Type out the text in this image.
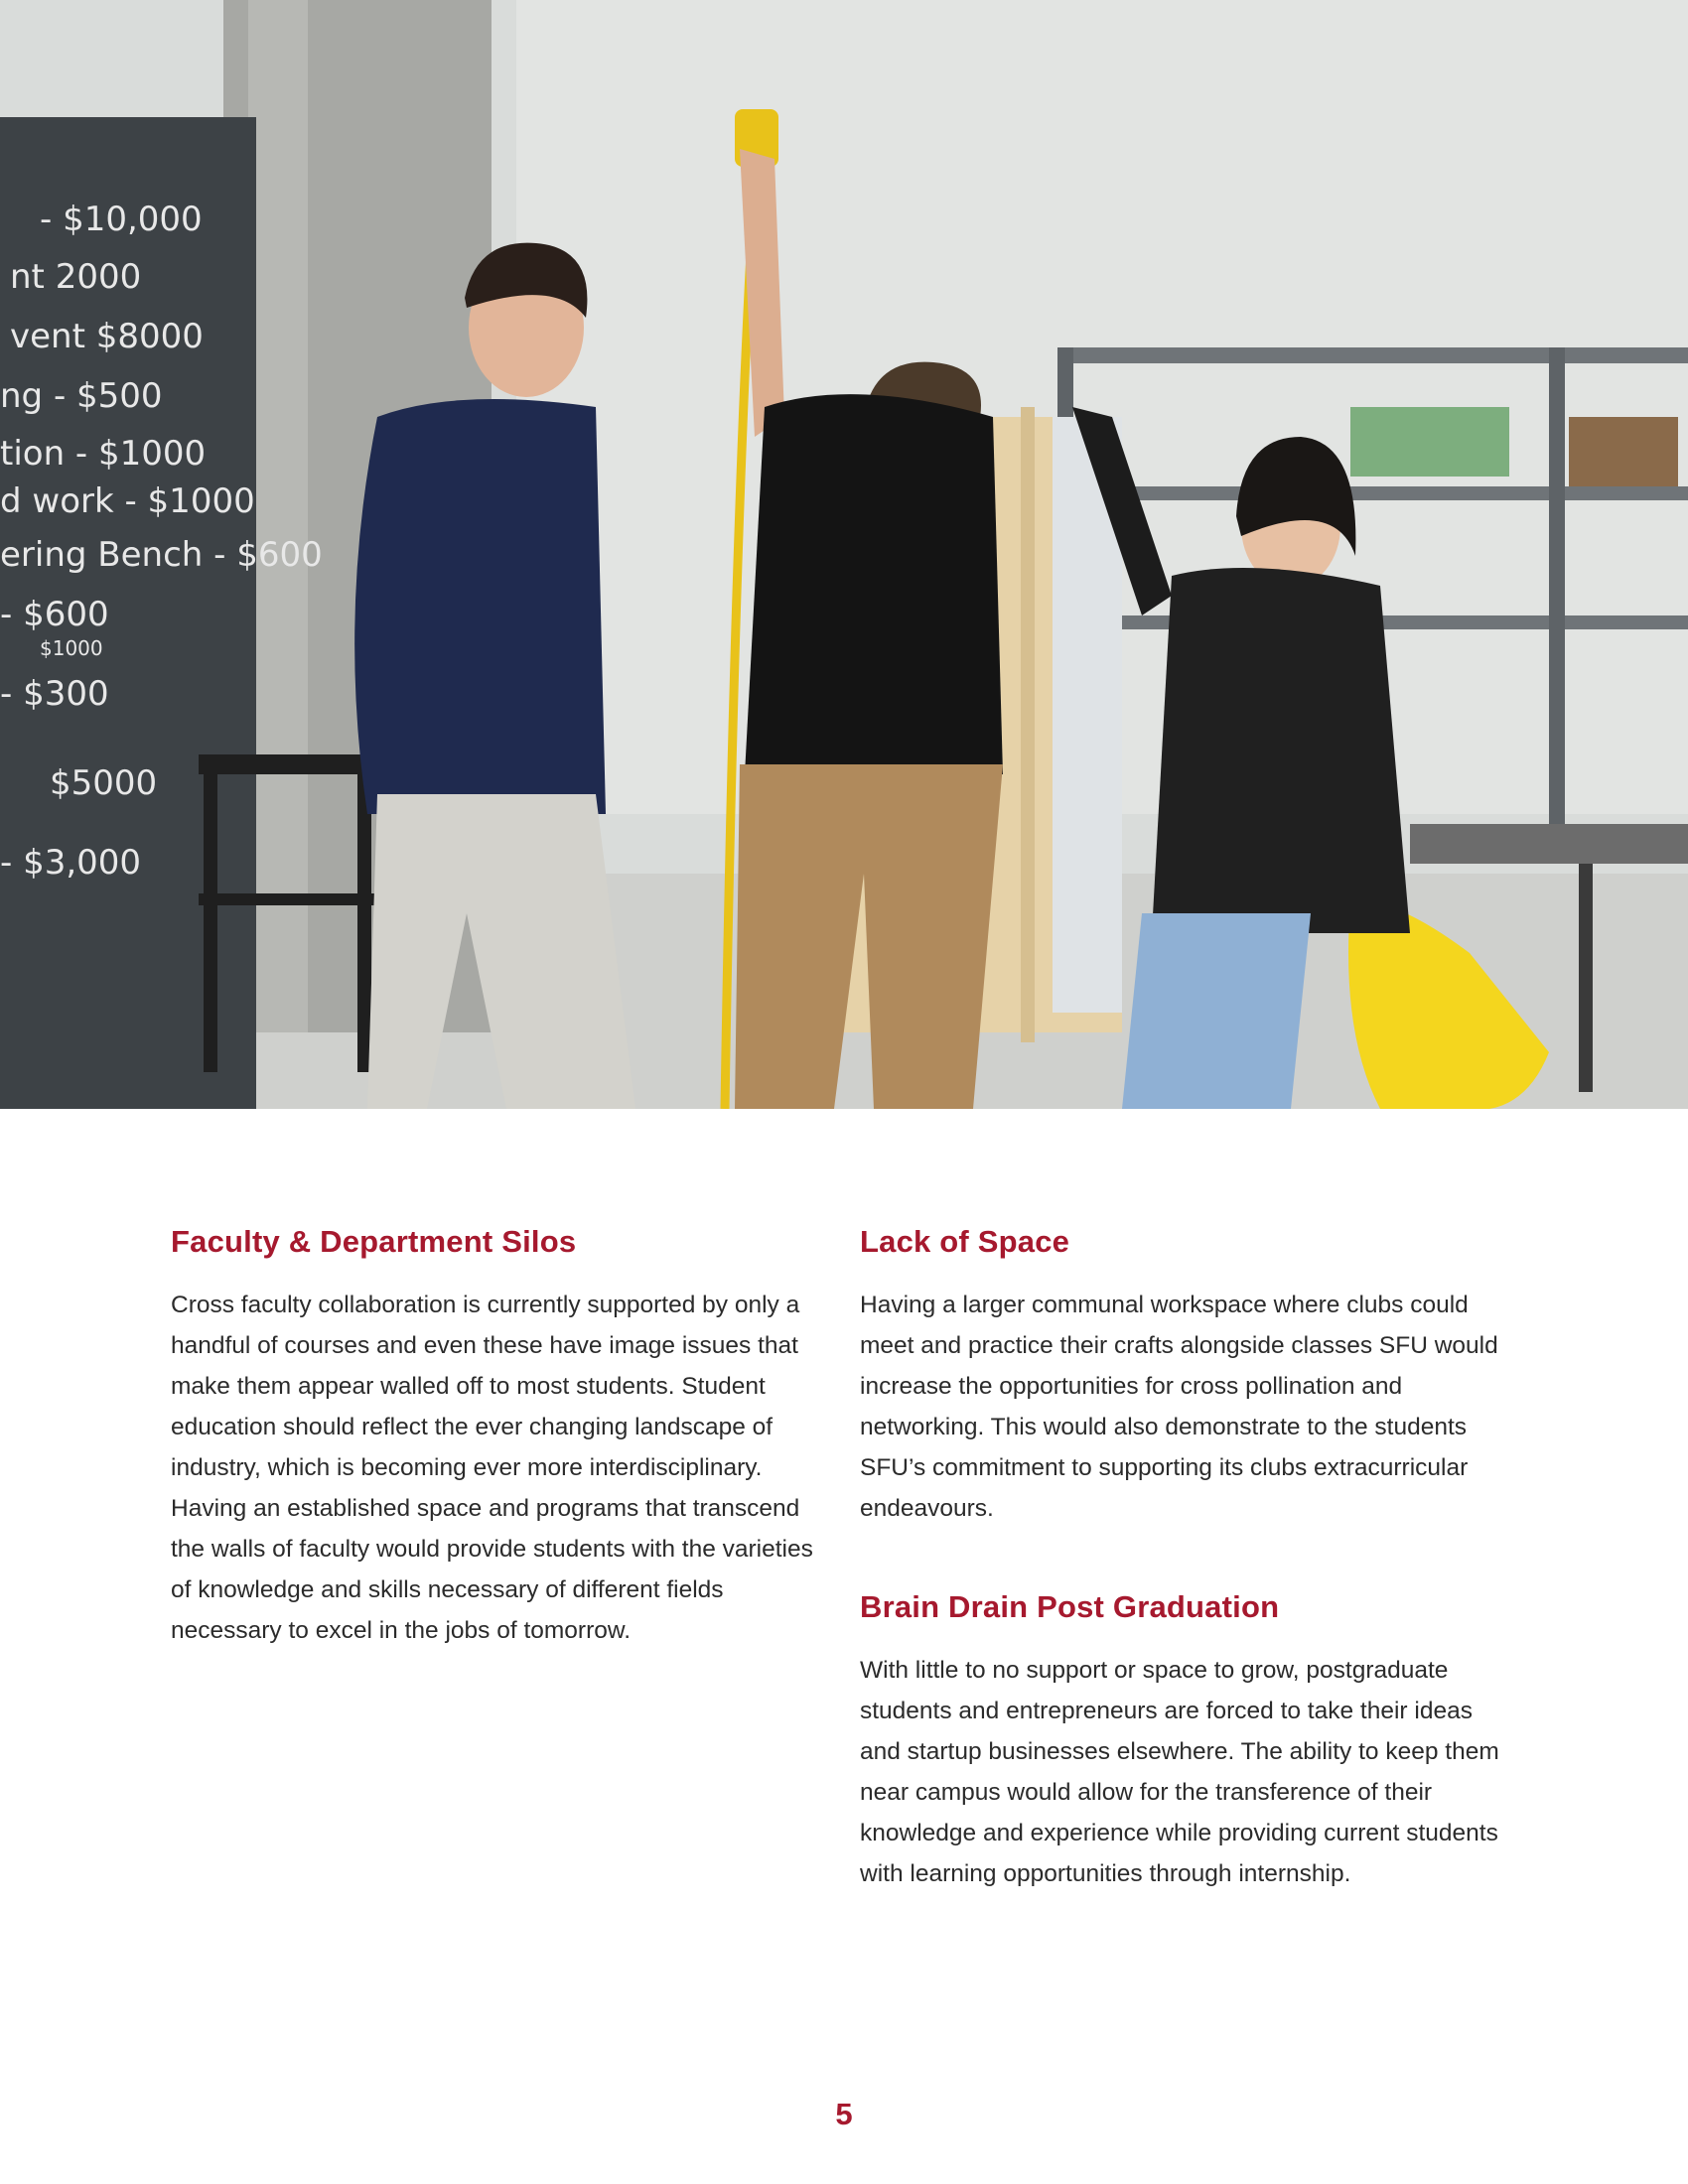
- $10,000
nt 2000
vent $8000
ng - $500
tion - $1000
d work - $1000
ering Bench - $600
- $600
$1000
- $300
$5000
- $3,000
Faculty & Department Silos

Cross faculty collaboration is currently supported by only a handful of courses and even these have image issues that make them appear walled off to most students. Student education should reflect the ever changing landscape of industry, which is becoming ever more interdisciplinary. Having an established space and programs that transcend the walls of faculty would provide students with the varieties of knowledge and skills necessary of different fields necessary to excel in the jobs of tomorrow.

Lack of Space

Having a larger communal workspace where clubs could meet and practice their crafts alongside classes SFU would increase the opportunities for cross pollination and networking. This would also demonstrate to the students SFU’s commitment to supporting its clubs extracurricular endeavours.

Brain Drain Post Graduation

With little to no support or space to grow, postgraduate students and entrepreneurs are forced to take their ideas and startup businesses elsewhere. The ability to keep them near campus would allow for the transference of their knowledge and experience while providing current students with learning opportunities through internship.

5
